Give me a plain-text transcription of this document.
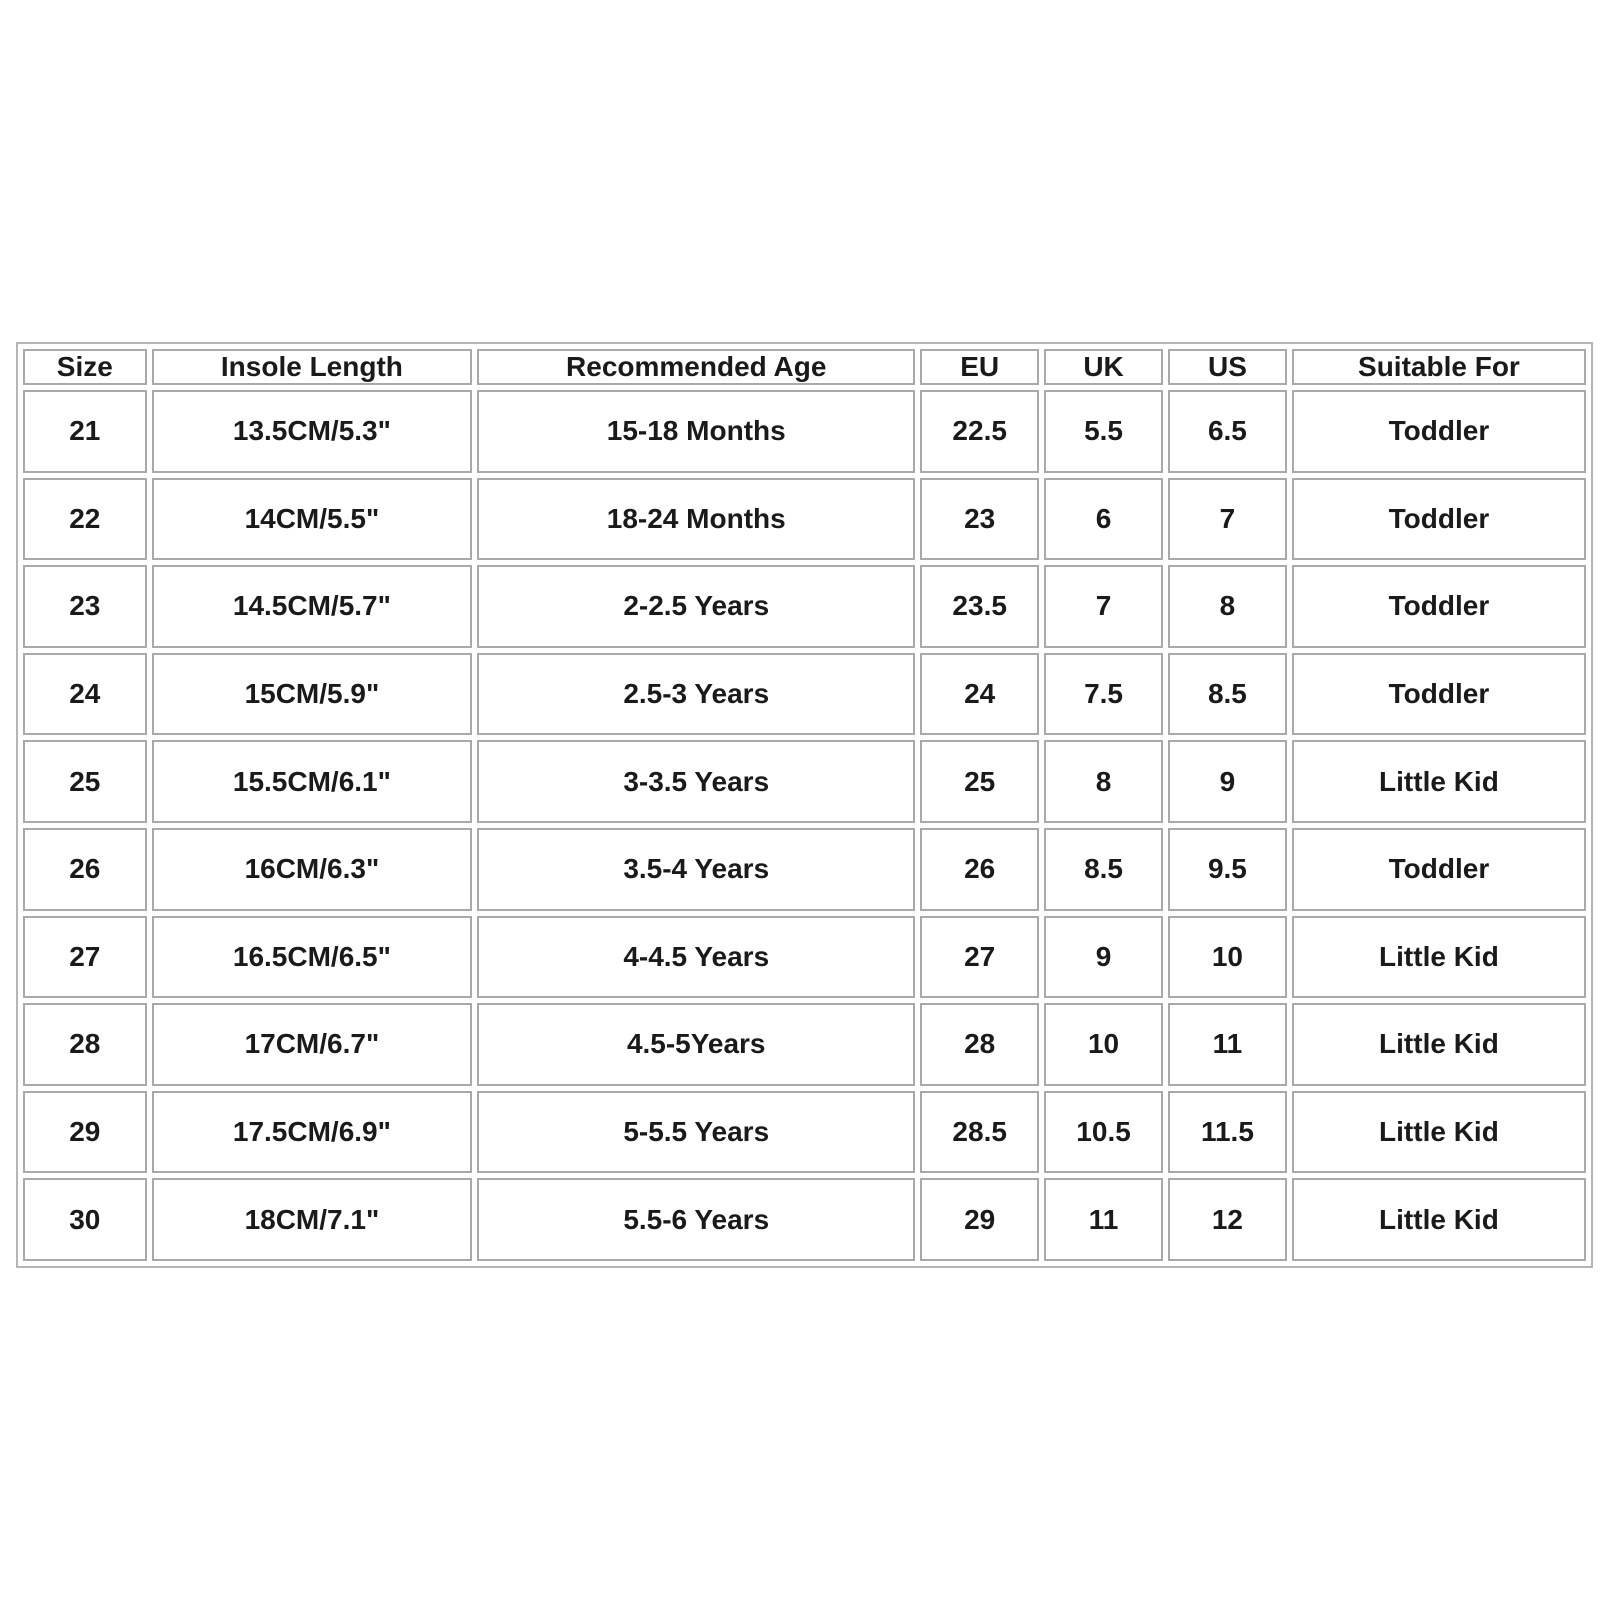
Size	Insole Length	Recommended Age	EU	UK	US	Suitable For
21	13.5CM/5.3"	15-18 Months	22.5	5.5	6.5	Toddler
22	14CM/5.5"	18-24 Months	23	6	7	Toddler
23	14.5CM/5.7"	2-2.5 Years	23.5	7	8	Toddler
24	15CM/5.9"	2.5-3 Years	24	7.5	8.5	Toddler
25	15.5CM/6.1"	3-3.5 Years	25	8	9	Little Kid
26	16CM/6.3"	3.5-4 Years	26	8.5	9.5	Toddler
27	16.5CM/6.5"	4-4.5 Years	27	9	10	Little Kid
28	17CM/6.7"	4.5-5Years	28	10	11	Little Kid
29	17.5CM/6.9"	5-5.5 Years	28.5	10.5	11.5	Little Kid
30	18CM/7.1"	5.5-6 Years	29	11	12	Little Kid
